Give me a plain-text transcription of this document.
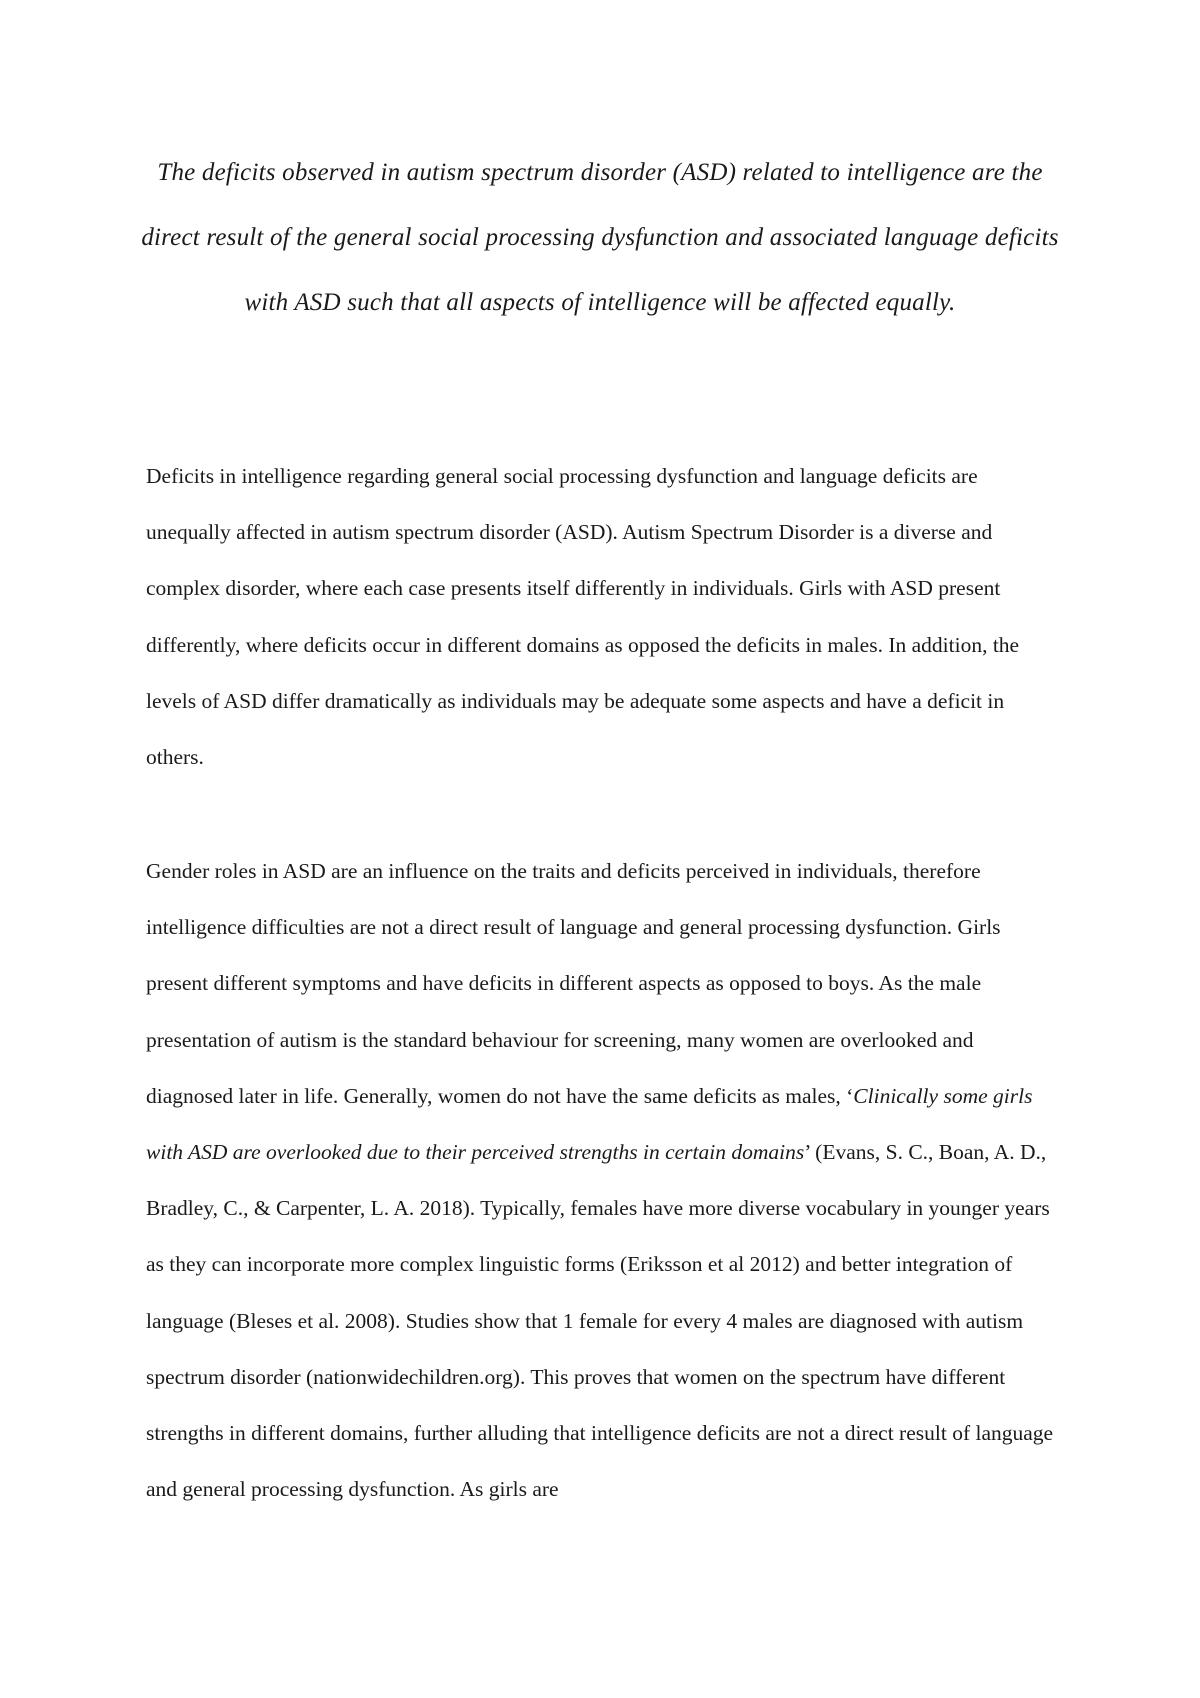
The deficits observed in autism spectrum disorder (ASD) related to intelligence are the direct result of the general social processing dysfunction and associated language deficits with ASD such that all aspects of intelligence will be affected equally.

Deficits in intelligence regarding general social processing dysfunction and language deficits are unequally affected in autism spectrum disorder (ASD). Autism Spectrum Disorder is a diverse and complex disorder, where each case presents itself differently in individuals. Girls with ASD present differently, where deficits occur in different domains as opposed the deficits in males. In addition, the levels of ASD differ dramatically as individuals may be adequate some aspects and have a deficit in others.

Gender roles in ASD are an influence on the traits and deficits perceived in individuals, therefore intelligence difficulties are not a direct result of language and general processing dysfunction. Girls present different symptoms and have deficits in different aspects as opposed to boys. As the male presentation of autism is the standard behaviour for screening, many women are overlooked and diagnosed later in life. Generally, women do not have the same deficits as males, ‘Clinically some girls with ASD are overlooked due to their perceived strengths in certain domains’ (Evans, S. C., Boan, A. D., Bradley, C., & Carpenter, L. A. 2018). Typically, females have more diverse vocabulary in younger years as they can incorporate more complex linguistic forms (Eriksson et al 2012) and better integration of language (Bleses et al. 2008). Studies show that 1 female for every 4 males are diagnosed with autism spectrum disorder (nationwidechildren.org). This proves that women on the spectrum have different strengths in different domains, further alluding that intelligence deficits are not a direct result of language and general processing dysfunction. As girls are
